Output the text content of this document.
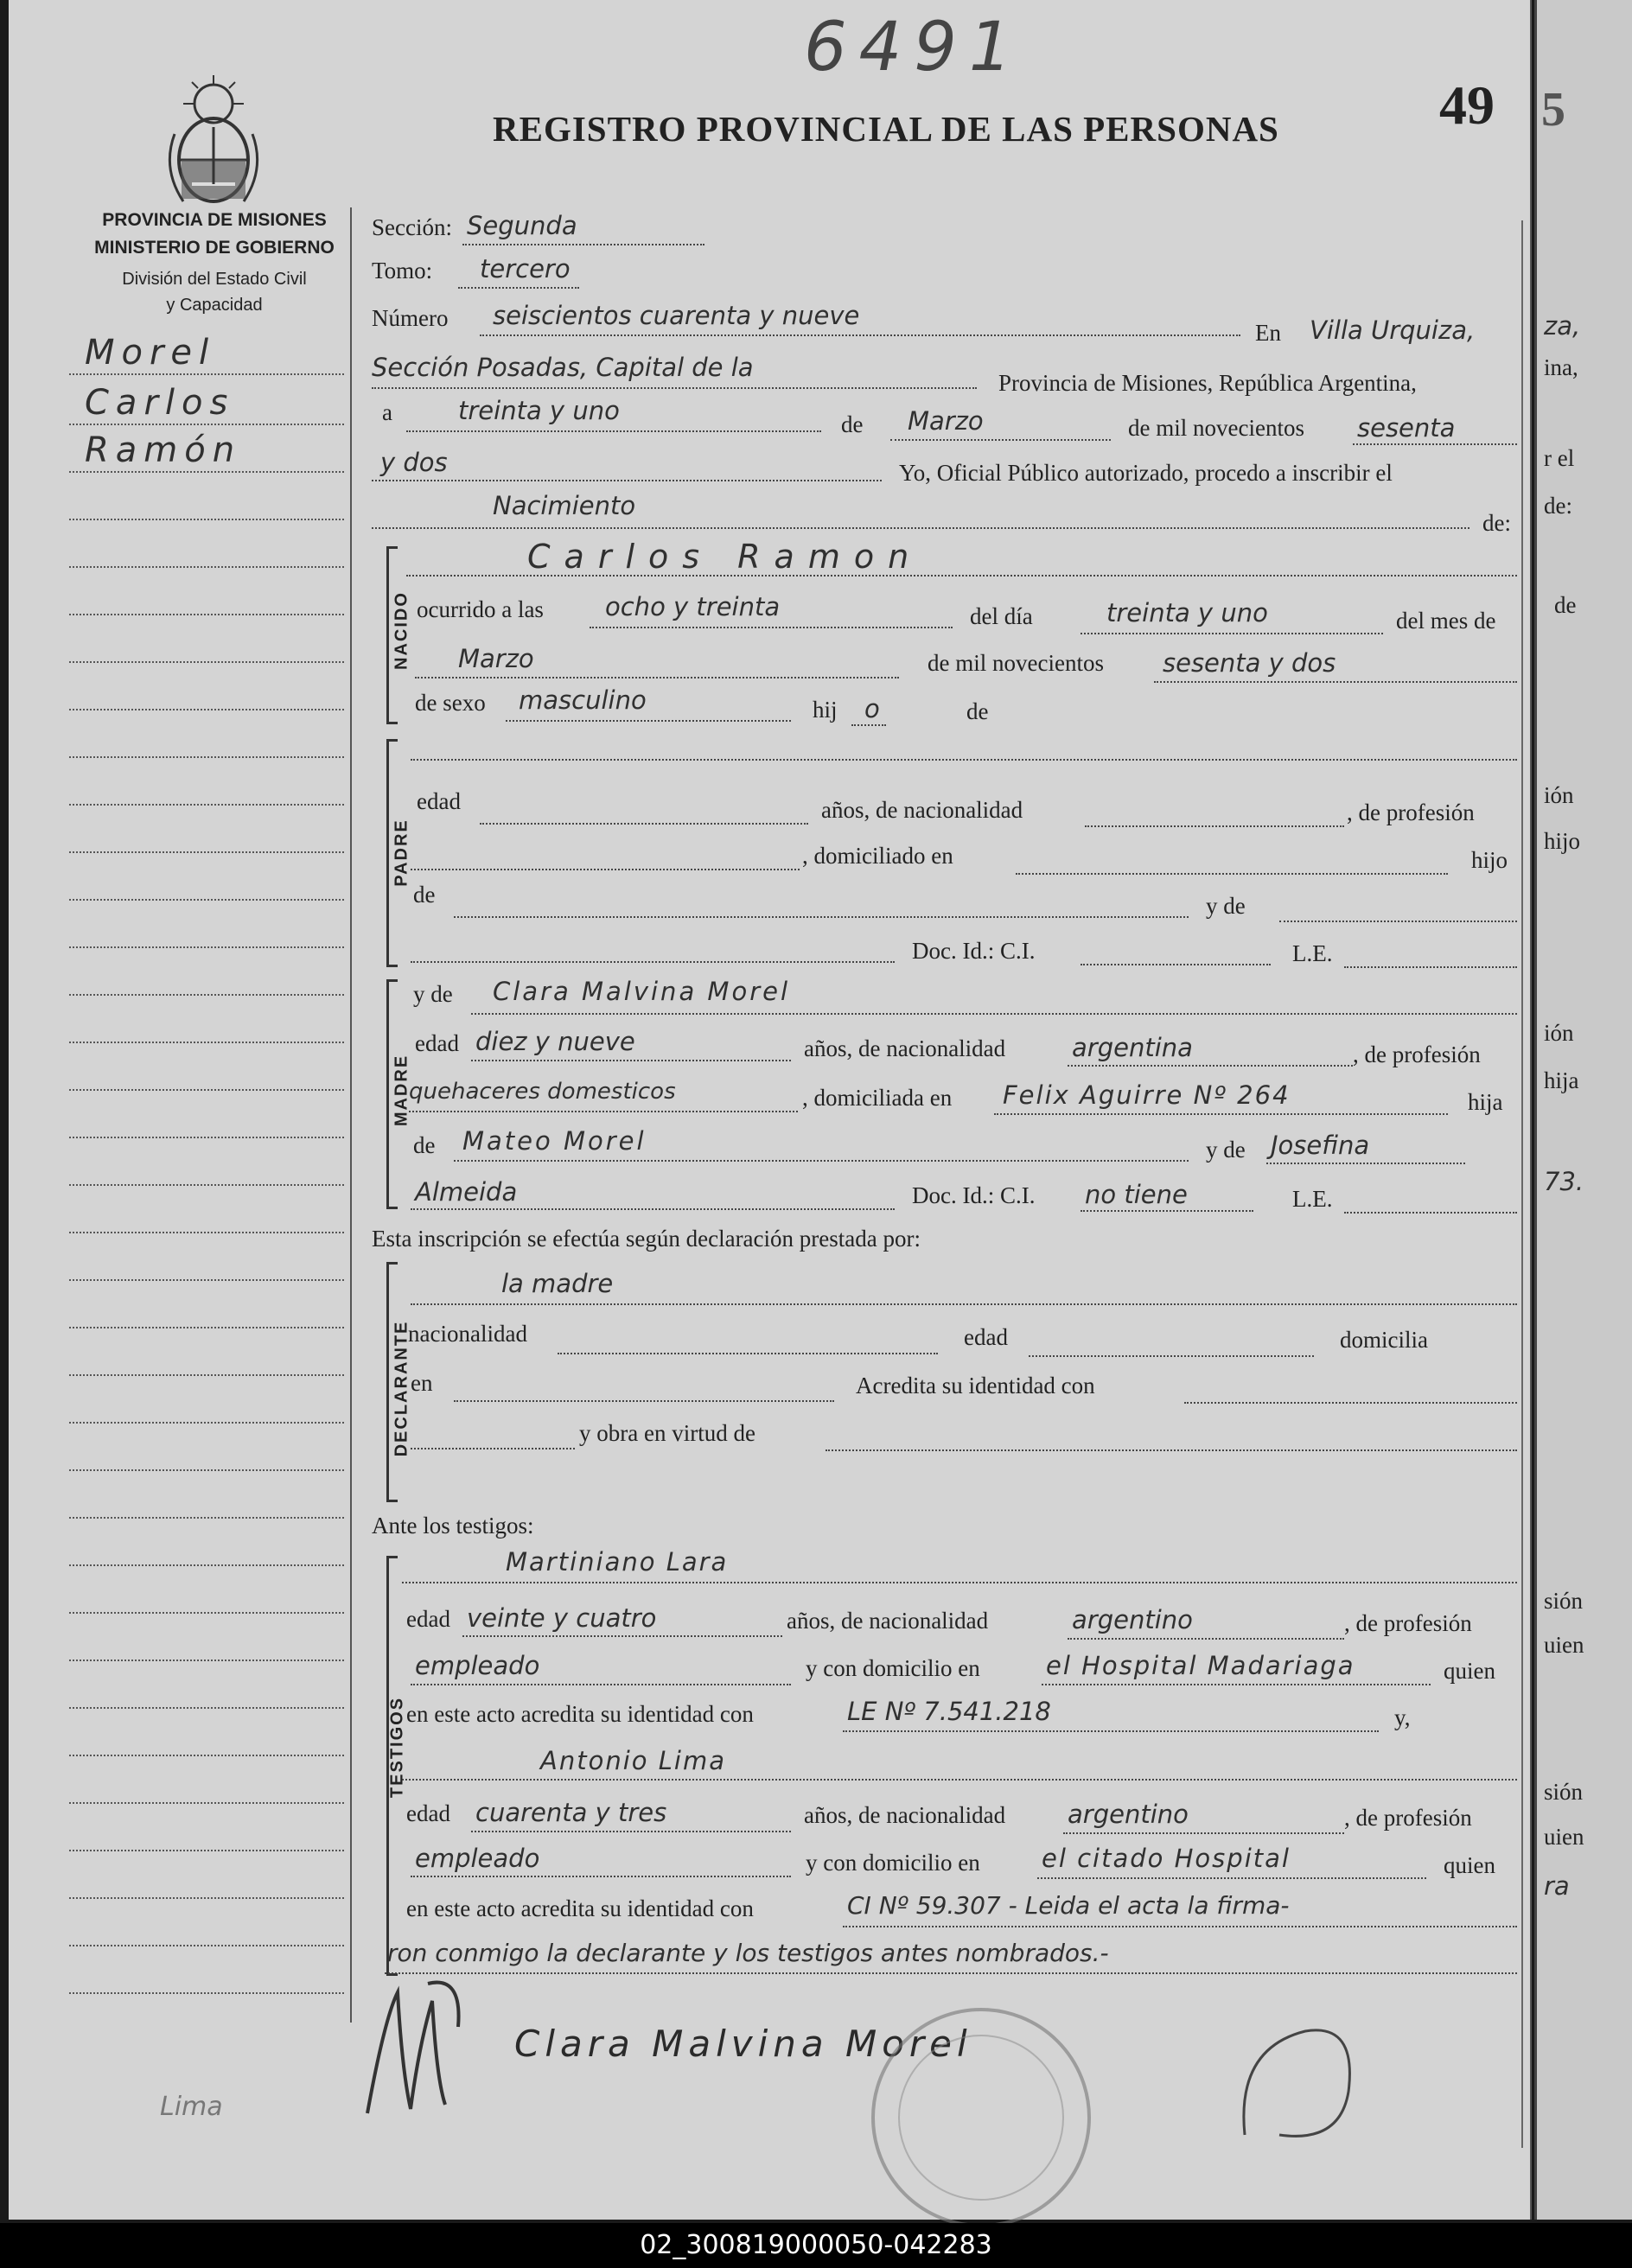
6491
49
PROVINCIA DE MISIONES
MINISTERIO DE GOBIERNO
División del Estado Civil
y Capacidad
REGISTRO PROVINCIAL DE LAS PERSONAS
Morel
Carlos
Ramón
Sección: Segunda
Tomo: tercero
Número seiscientos cuarenta y nueve
En Villa Urquiza,
Sección Posadas, Capital de la
Provincia de Misiones, República Argentina,
a	treinta y uno	de Marzo	de mil novecientos sesenta
y dos	Yo, Oficial Público autorizado, procedo a inscribir el
Nacimiento
de:
Carlos Ramon
NACIDO ocurrido a las ocho y treinta	del día	treinta y uno	del mes de
Marzo	de mil novecientos sesenta y dos
de sexo masculino	hij o	de
PADRE
edad	años, de nacionalidad	, de profesión
, domiciliado en	hijo
de	y de
Doc. Id.: C.I.	L.E.
MADRE
y de Clara Malvina Morel
edad diez y nueve	años, de nacionalidad	argentina	, de profesión
quehaceres domesticos	, domiciliada en Felix Aguirre Nº 264	hija
de Mateo Morel	y de Josefina
Almeida	Doc. Id.: C.I. no tiene	L.E.
Esta inscripción se efectúa según declaración prestada por:
DECLARANTE
la madre
nacionalidad	edad	domicilia
en	Acredita su identidad con
y obra en virtud de
Ante los testigos:
TESTIGOS
Martiniano Lara
edad veinte y cuatro	años, de nacionalidad	argentino	, de profesión
empleado	y con domicilio en	el Hospital Madariaga	quien
en este acto acredita su identidad con	LE Nº 7.541.218	y,
Antonio Lima
edad cuarenta y tres	años, de nacionalidad argentino	, de profesión
empleado	y con domicilio en el citado Hospital	quien
en este acto acredita su identidad con	CI Nº 59.307 - Leida el acta la firma-
ron conmigo la declarante y los testigos antes nombrados.-
Clara Malvina Morel
Lima
5
za,
ina,
r el
de:
de
ión
hijo
ión
hija
73.
sión
uien
sión
uien
ra
02_300819000050-042283
